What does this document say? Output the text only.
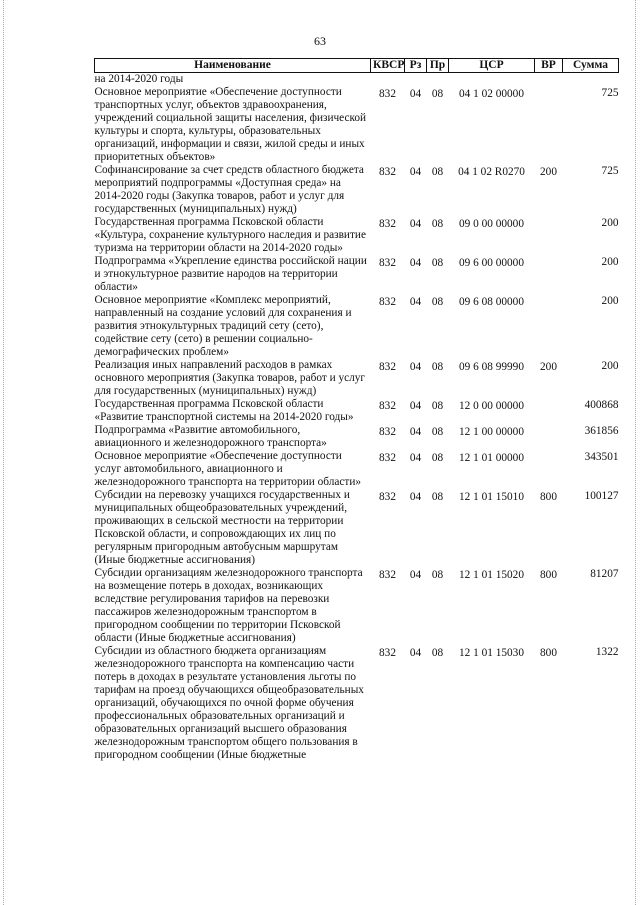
63
Наименование	КВСР	Рз	Пр	ЦСР	ВР	Сумма
на 2014-2020 годы						
Основное мероприятие «Обеспечение доступности транспортных услуг, объектов здравоохранения, учреждений социальной защиты населения, физической культуры и спорта, культуры, образовательных организаций, информации и связи, жилой среды и иных приоритетных объектов»	832	04	08	04 1 02 00000		725
Софинансирование за счет средств областного бюджета мероприятий подпрограммы «Доступная среда» на 2014-2020 годы (Закупка товаров, работ и услуг для государственных (муниципальных) нужд)	832	04	08	04 1 02 R0270	200	725
Государственная программа Псковской области «Культура, сохранение культурного наследия и развитие туризма на территории области на 2014-2020 годы»	832	04	08	09 0 00 00000		200
Подпрограмма «Укрепление единства российской нации и этнокультурное развитие народов на территории области»	832	04	08	09 6 00 00000		200
Основное мероприятие «Комплекс мероприятий, направленный на создание условий для сохранения и развития этнокультурных традиций сету (сето), содействие сету (сето) в решении социально-демографических проблем»	832	04	08	09 6 08 00000		200
Реализация иных направлений расходов в рамках основного мероприятия (Закупка товаров, работ и услуг для государственных (муниципальных) нужд)	832	04	08	09 6 08 99990	200	200
Государственная программа Псковской области «Развитие транспортной системы на 2014-2020 годы»	832	04	08	12 0 00 00000		400868
Подпрограмма «Развитие автомобильного, авиационного и железнодорожного транспорта»	832	04	08	12 1 00 00000		361856
Основное мероприятие «Обеспечение доступности услуг автомобильного, авиационного и железнодорожного транспорта на территории области»	832	04	08	12 1 01 00000		343501
Субсидии на перевозку учащихся государственных и муниципальных общеобразовательных учреждений, проживающих в сельской местности на территории Псковской области, и сопровождающих их лиц по регулярным пригородным автобусным маршрутам (Иные бюджетные ассигнования)	832	04	08	12 1 01 15010	800	100127
Субсидии организациям железнодорожного транспорта на возмещение потерь в доходах, возникающих вследствие регулирования тарифов на перевозки пассажиров железнодорожным транспортом в пригородном сообщении по территории Псковской области (Иные бюджетные ассигнования)	832	04	08	12 1 01 15020	800	81207
Субсидии из областного бюджета организациям железнодорожного транспорта на компенсацию части потерь в доходах в результате установления льготы по тарифам на проезд обучающихся общеобразовательных организаций, обучающихся по очной форме обучения профессиональных образовательных организаций и образовательных организаций высшего образования железнодорожным транспортом общего пользования в пригородном сообщении (Иные бюджетные	832	04	08	12 1 01 15030	800	1322
